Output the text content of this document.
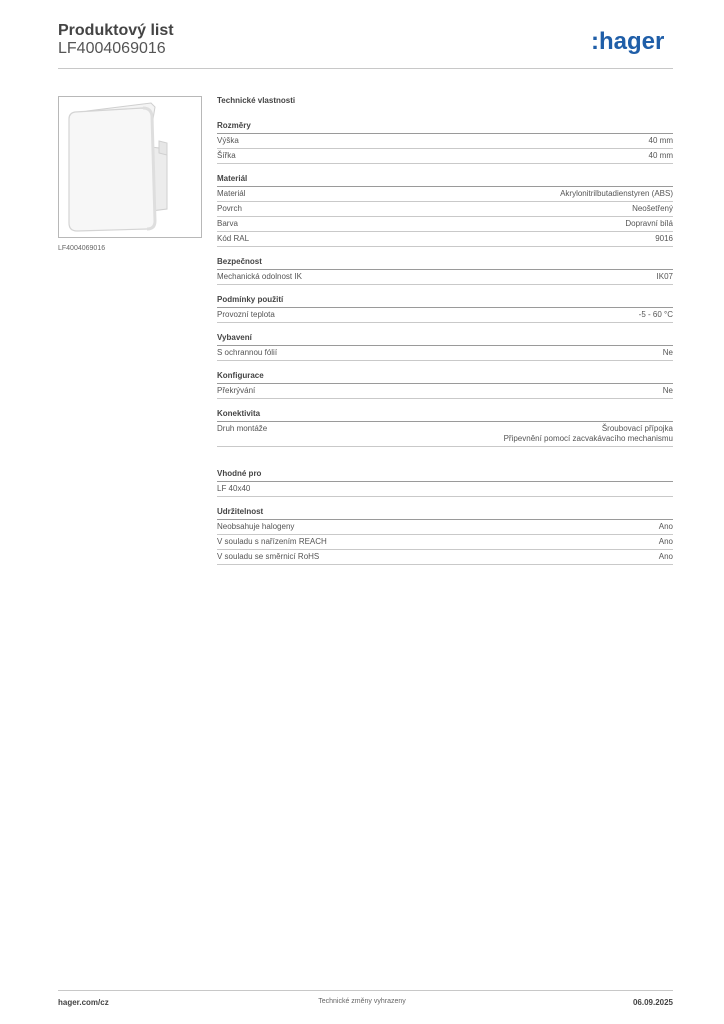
Produktový list
LF4004069016	:hager
LF4004069016
Technické vlastnosti
Rozměry
Výška	40 mm
Šířka	40 mm
Materiál
Materiál	Akrylonitrilbutadienstyren (ABS)
Povrch	Neošetřený
Barva	Dopravní bílá
Kód RAL	9016
Bezpečnost
Mechanická odolnost IK	IK07
Podmínky použití
Provozní teplota	-5 - 60 °C
Vybavení
S ochrannou fólií	Ne
Konfigurace
Překrývání	Ne
Konektivita
Druh montáže	Šroubovací přípojka
Připevnění pomocí zacvakávacího mechanismu
Vhodné pro
LF 40x40
Udržitelnost
Neobsahuje halogeny	Ano
V souladu s nařízením REACH	Ano
V souladu se směrnicí RoHS	Ano
hager.com/cz	Technické změny vyhrazeny	06.09.2025
